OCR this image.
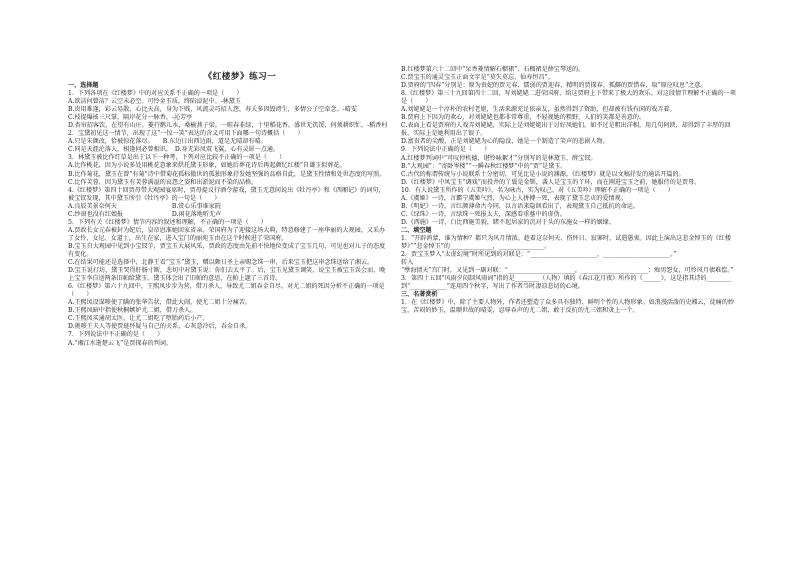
《红楼梦》练习一

一、选择题

1．下列各项在《红楼梦》中的对应关系不正确的一项是（　　）

A.欲洁何曾洁？云空未必空。可怜金玉质，终陷淖泥中。-林黛玉

B.贵用难逢，彩云易散，心比天高，身为下贱，风流灵巧招人怨，寿夭多因毁谤生，多情公子空牵念。-晴雯

C.枝提爆搖三尺掌，隔岸花分一脉香。-沁芳亭

D.杏帘招客饮，在望有山庄。菱荇鹅儿水，桑榆燕子梁。一畦春韭绿，十里稻花香。盛世无饥馁，何须耕织忙。-稻香村

2．宝黛初见这一情节，出现了这“一惊一笑”表达的含义可用下面哪一句诗概括（　　）

A.只是朱颜改，恰被惊花落尽。　　B.东边日出西边雨，道是无晴却有晴。

C.同是天涯沦落人，相逢何必曾相识。　D.身无彩凤双飞翼，心有灵犀一点通。

3．林黛玉被比作灯草是出于以下一种考，下列对应比较不正确的一项是（　　）

A.比作桃花，因为小说多处用桃花意象来烘托黛玉形象，如她后葬花诗后再起颜忆红楼“自谦玉似葬花。

B.比作菊花，黛玉在曾“有菊”诗中借菊花孤标傲世的孤独形象抒发她坚强的品格自此，是黛玉性情和处世态度的写照。

C.比作芙蓉，因为黛玉有芙蓉满溢的哀怨之姿和出淤泥而不染的品格。

4.《红楼梦》第四十回贾母带大观园宴席时，贾母提议行酒令游戏，黛玉无意间说出《牡丹亭》和《西厢记》的词句，被宝钗发现，其中黛玉所引《牡丹亭》的一句是（　　）

A.良辰美景奈何天　　　　　　　　　B.赏心乐事谁家院

C.纱窗也没有红娘报　　　　　　　　D.闲花落地听无声

5．下列有关《红楼梦》情节内容的叙述和理解，不正确的一项是（　　）

A.贾政长女元春被封为妃后，皇帝恩准她回家省亲。荣国府为了迎接这场大典，特意修建了一座华丽的大观园，又采办了女伶、女尼、女道士，出生在家，进入宝门的丽苑玉由在这个时候进了荣国府。

B.宝玉自大观园中见到小宝钗芋，贾宝玉大展风采，贾政的态度由先前不快地位变成了宝玉几句，可见也对儿子的态度有变化。

C.在结果可能还是选择中，北静王看“宝玉”黛玉，赠以颇日圣上亲赐念珠一串，后来宝玉把这串念珠送给了湘云。

D.宝玉说打坊，黛玉哭得肝肠寸断，悲切中对黛玉说：你们去太平了。后，宝玉见黛玉调笑，说宝玉被宝玉误会而，晚上宝玉李自送两条旧帕给黛玉。黛玉体会出了旧帕的意思，在帕上题了三首诗。

6.《红楼梦》第六十九回中，王熙凤步步为营，借刀杀人，导致尤二姐吞金自尽。对尤二姐的死因分析不正确的一项是（　　）

A.王熙凤设谋唆使了瞒的张华告状，借此大闹，使尤二姐十分痛苦。

B.王熙凤暗中指使秋桐嫉妒尤二姐，借刀杀人。

C.王熙凤买通胡太医，让尤二姐吃了堕胎药后小产。

D.挑唆王夫人等使贾琏怀疑与自己的关系，心灰意冷后，吞金自杀。

7．下列说法中不正确的是（　　）

A.“湘江水逝楚云飞”是贾探春的判词。

B.红楼梦第六十二回中“呆香菱情解石榴裙”，石榴裙是薛宝琴送的。

C.贾宝玉的通灵宝玉正面文字是“莫失莫忘，仙寿恒昌”。

D.贾府的“四春”分别是：原为贵妃的贾元春、懦弱的贾迎春、精明的贾探春、孤僻的贾惜春，取“原应叹息”之意。

8.《红楼梦》第三十九回第四十二回，写刘姥姥二进荣国府，给这贾府上下带来了极大的欢乐。对这段情节理解不正确的一项是（　　）

A.刘姥姥是一个淳朴的农村老妪，生活来源充足依亲友，虽然得到了资助，但却被有钱有闲的戏弄着。

B.贾府上下因为的欢心，对刘姥姥也都非常尊重，不轻视她的粗野，人们的笑都是善意的。

C.表面上看是贾府的人戏弄刘姥姥，实际上是刘姥姥出于讨好凤她们。如不过是粗出洋相，用几句阿谀，却得到了丰厚的回报，实际上是她利用出了银子。

D.富贵者的尖酸，正是刘姥姥为心的隐没，她是一个制造了笑声的悲剧人物。

9．下列说法中正确的是（　　）

A.红楼梦判词中“可叹停机德，堪怜咏絮才”分别写的是林黛玉、薛宝钗。

B.“大观园”：“寄卧岑楼”“一瞬春秋红楼梦”中的“贾”是黛玉。

C.古代的称谓传统与小说联系十分密切，可见比是小说的渊源。《红楼梦》就是以文稿抒发的通话开篇的。

D.《红楼梦》中凤宝玉“调戏”而投井的丫鬟是金钏，袭人是宝玉的丫环，而在刚进宝玉之前，她服侍的是贾母。

10．有人说黛玉所作的《五美吟》，名为咏古，实为叹己。对《五美吟》理解不正确的一项是（　　）

A.《虞姬》一诗，言霸宁虞姬气烈，为心上人拼搏一死，表现了黛玉忠贞的爱情观。

B.《明妃》一诗，言红颜薄命古今同，以言语来隐讽看出了，表现黛玉自己抵抗的命运。

C.《绿珠》一诗，言绿珠一死报太夫，深感看重墓中的虚伪。

D.《西施》一诗，白比西施美貌，睹不起居家的沉对于头的东施女一样的姻缘。

二、填空题

1．“开辟鸿蒙，谁为情种？都只为风月情浓。趁着这奈何天、伤怀日、寂寥时，试遣愚衷。因此上演出这悲金悼玉的《红楼梦》”“悲金悼玉”的______________，_______________。

2．贾宝玉梦入“太虚幻境”时所见到的对联是：“______________________，______________________。”

转入

“孽海情天”宫门时，又见到一副对联：“______________________，______________________；痴男怨女，可怜风月债难偿。”

3．第四十五回“风雨夕闷制风雨词”指的是________（人物）填的《春江花月夜》所作的《______》，这是指其诗的________到“____________”连用四个秋字，写出了作者当时凄凉悲切的心境。

三、名著赏析

1．在《红楼梦》中，除了主要人物外，作者还塑造了众多具有独特、鲜明个性的人物形象。如浪漫活泼的史湘云，徒痛的妙宝，苦闷的妙玉，温顺世故的晴雯，忍辱吞声的尤二姐，敢于反抗的尤三姐和贪上一个。
